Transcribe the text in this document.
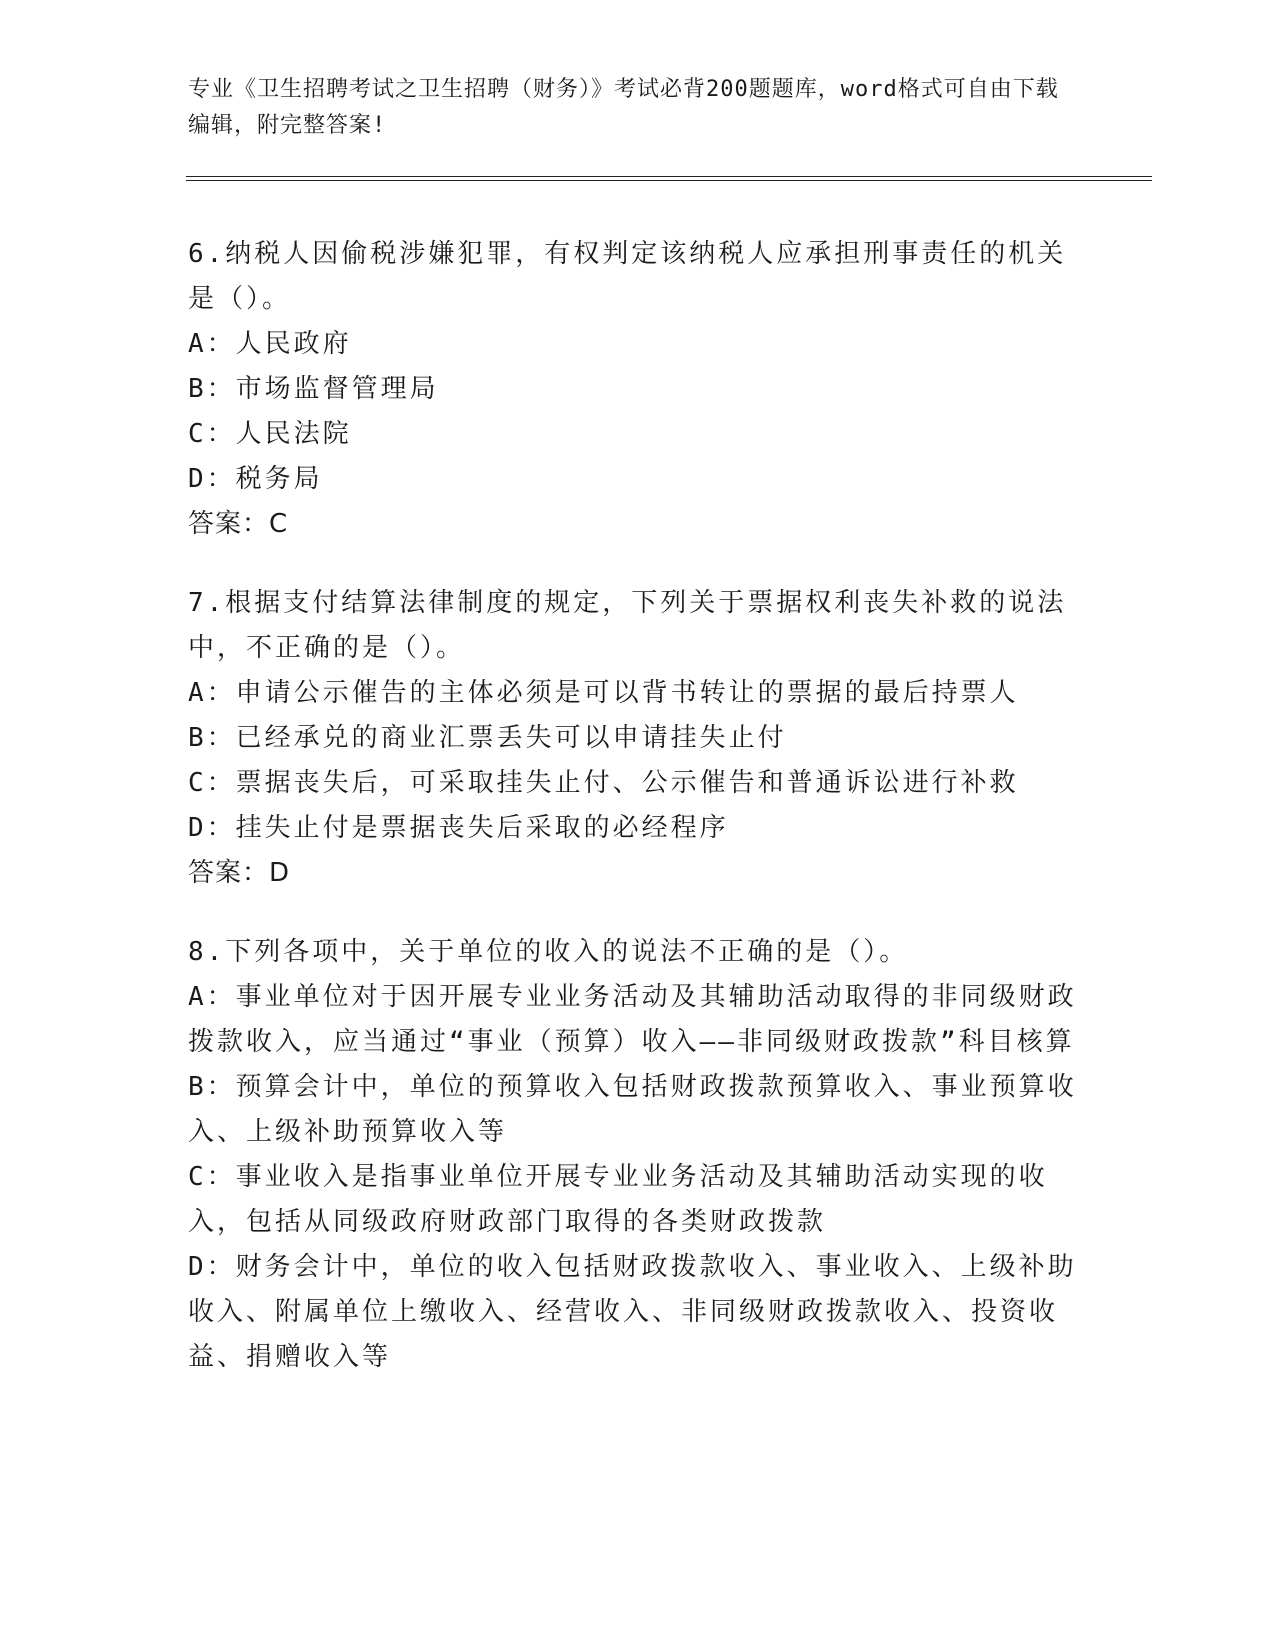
专业《卫生招聘考试之卫生招聘（财务）》考试必背200题题库，word格式可自由下载编辑，附完整答案!

6.纳税人因偷税涉嫌犯罪，有权判定该纳税人应承担刑事责任的机关是（）。

A：人民政府

B：市场监督管理局

C：人民法院

D：税务局

答案：C

7.根据支付结算法律制度的规定，下列关于票据权利丧失补救的说法中，不正确的是（）。

A：申请公示催告的主体必须是可以背书转让的票据的最后持票人

B：已经承兑的商业汇票丢失可以申请挂失止付

C：票据丧失后，可采取挂失止付、公示催告和普通诉讼进行补救

D：挂失止付是票据丧失后采取的必经程序

答案：D

8.下列各项中，关于单位的收入的说法不正确的是（）。

A：事业单位对于因开展专业业务活动及其辅助活动取得的非同级财政拨款收入，应当通过“事业（预算）收入——非同级财政拨款”科目核算

B：预算会计中，单位的预算收入包括财政拨款预算收入、事业预算收入、上级补助预算收入等

C：事业收入是指事业单位开展专业业务活动及其辅助活动实现的收入，包括从同级政府财政部门取得的各类财政拨款

D：财务会计中，单位的收入包括财政拨款收入、事业收入、上级补助收入、附属单位上缴收入、经营收入、非同级财政拨款收入、投资收益、捐赠收入等
